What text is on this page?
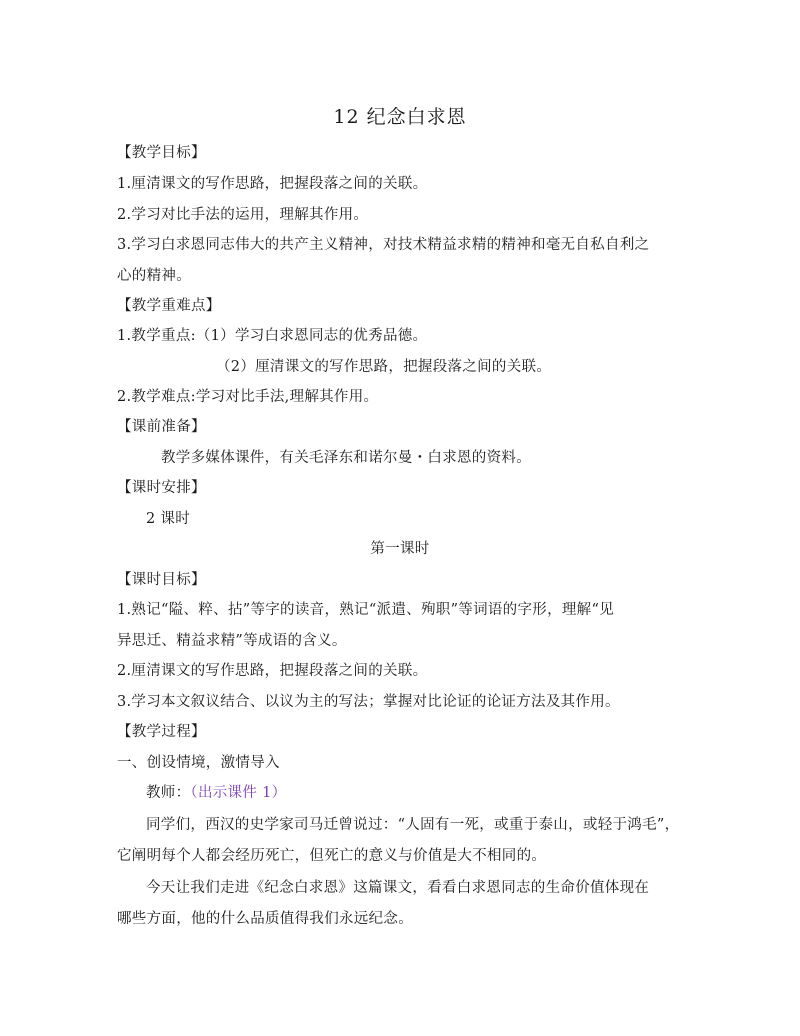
12 纪念白求恩
【教学目标】
1.厘清课文的写作思路，把握段落之间的关联。
2.学习对比手法的运用，理解其作用。
3.学习白求恩同志伟大的共产主义精神，对技术精益求精的精神和毫无自私自利之
心的精神。
【教学重难点】
1.教学重点:（1）学习白求恩同志的优秀品德。
（2）厘清课文的写作思路，把握段落之间的关联。
2.教学难点:学习对比手法,理解其作用。
【课前准备】
教学多媒体课件，有关毛泽东和诺尔曼・白求恩的资料。
【课时安排】
2 课时
第一课时
【课时目标】
1.熟记“隘、粹、拈”等字的读音，熟记“派遣、殉职”等词语的字形，理解“见
异思迁、精益求精”等成语的含义。
2.厘清课文的写作思路，把握段落之间的关联。
3.学习本文叙议结合、以议为主的写法；掌握对比论证的论证方法及其作用。
【教学过程】
一、创设情境，激情导入
教师：（出示课件 1）
同学们，西汉的史学家司马迁曾说过：“人固有一死，或重于泰山，或轻于鸿毛”，
它阐明每个人都会经历死亡，但死亡的意义与价值是大不相同的。
今天让我们走进《纪念白求恩》这篇课文，看看白求恩同志的生命价值体现在
哪些方面，他的什么品质值得我们永远纪念。
